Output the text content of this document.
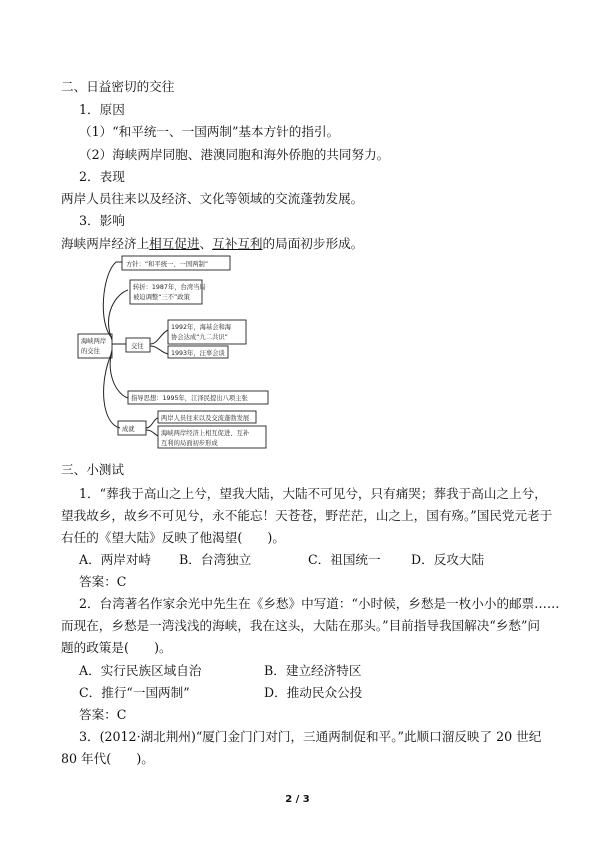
二、日益密切的交往
1．原因
（1）“和平统一、一国两制”基本方针的指引。
（2）海峡两岸同胞、港澳同胞和海外侨胞的共同努力。
2．表现
两岸人员往来以及经济、文化等领域的交流蓬勃发展。
3．影响
海峡两岸经济上相互促进、互补互利的局面初步形成。
方针：“和平统一、一国两制”
转折：1987年，台湾当局
被迫调整“三不”政策
海峡两岸
的交往
交往
1992年，海基会和海
协会达成“九二共识”
1993年，汪辜会谈
指导思想：1995年，江泽民提出八项主张
成就
两岸人员往来以及交流蓬勃发展
海峡两岸经济上相互促进、互补
互利的局面初步形成
三、小测试
1．“葬我于高山之上兮，望我大陆，大陆不可见兮，只有痛哭；葬我于高山之上兮，
望我故乡，故乡不可见兮，永不能忘！天苍苍，野茫茫，山之上，国有殇。”国民党元老于
右任的《望大陆》反映了他渴望(　　)。
A．两岸对峙 B．台湾独立	C．祖国统一 D．反攻大陆
答案：C
2．台湾著名作家余光中先生在《乡愁》中写道：“小时候，乡愁是一枚小小的邮票……
而现在，乡愁是一湾浅浅的海峡，我在这头，大陆在那头。”目前指导我国解决“乡愁”问
题的政策是(　　)。
A．实行民族区域自治	B．建立经济特区
C．推行“一国两制”	D．推动民众公投
答案：C
3．(2012·湖北荆州)“厦门金门门对门，三通两制促和平。”此顺口溜反映了 20 世纪
80 年代(　　)。
2 / 3
